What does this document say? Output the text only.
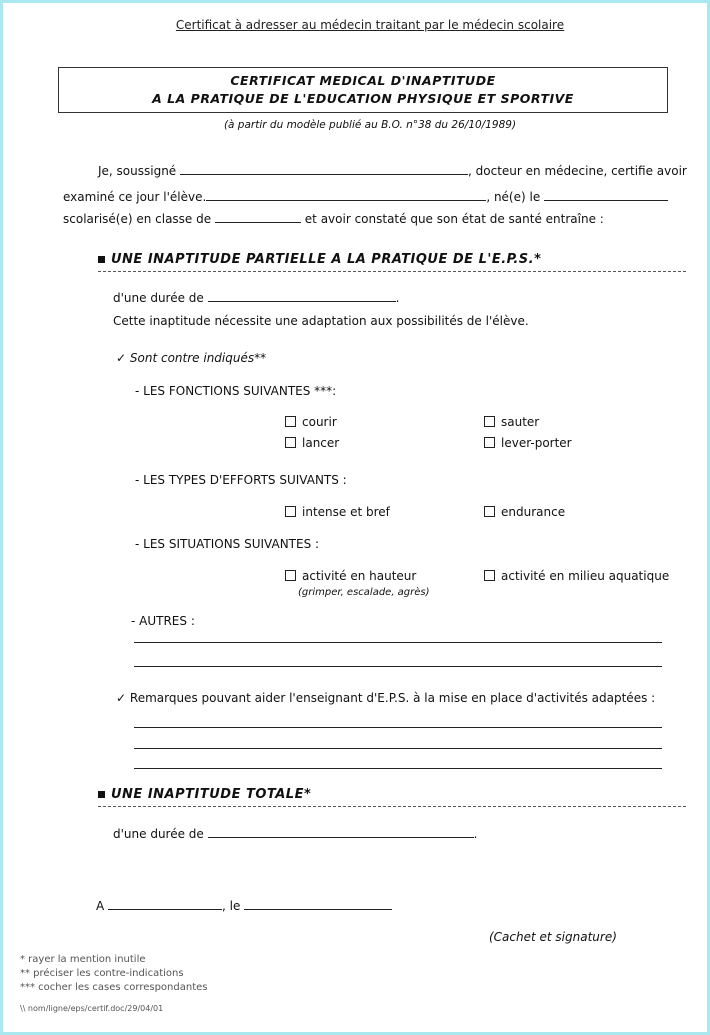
Certificat à adresser au médecin traitant par le médecin scolaire
CERTIFICAT MEDICAL D'INAPTITUDE
A LA PRATIQUE DE L'EDUCATION PHYSIQUE ET SPORTIVE
(à partir du modèle publié au B.O. n°38 du 26/10/1989)
Je, soussigné	, docteur en médecine, certifie avoir
examiné ce jour l'élève.	, né(e) le
scolarisé(e) en classe de	et avoir constaté que son état de santé entraîne :
UNE INAPTITUDE PARTIELLE A LA PRATIQUE DE L'E.P.S.*
d'une durée de	.
Cette inaptitude nécessite une adaptation aux possibilités de l'élève.
✓ Sont contre indiqués**
- LES FONCTIONS SUIVANTES ***:
courir	sauter
lancer	lever-porter
- LES TYPES D'EFFORTS SUIVANTS :
intense et bref	endurance
- LES SITUATIONS SUIVANTES :
activité en hauteur	activité en milieu aquatique
(grimper, escalade, agrès)
- AUTRES :
✓ Remarques pouvant aider l'enseignant d'E.P.S. à la mise en place d'activités adaptées :
UNE INAPTITUDE TOTALE*
d'une durée de	.
A	, le
(Cachet et signature)
* rayer la mention inutile
** préciser les contre-indications
*** cocher les cases correspondantes
\\ nom/ligne/eps/certif.doc/29/04/01
